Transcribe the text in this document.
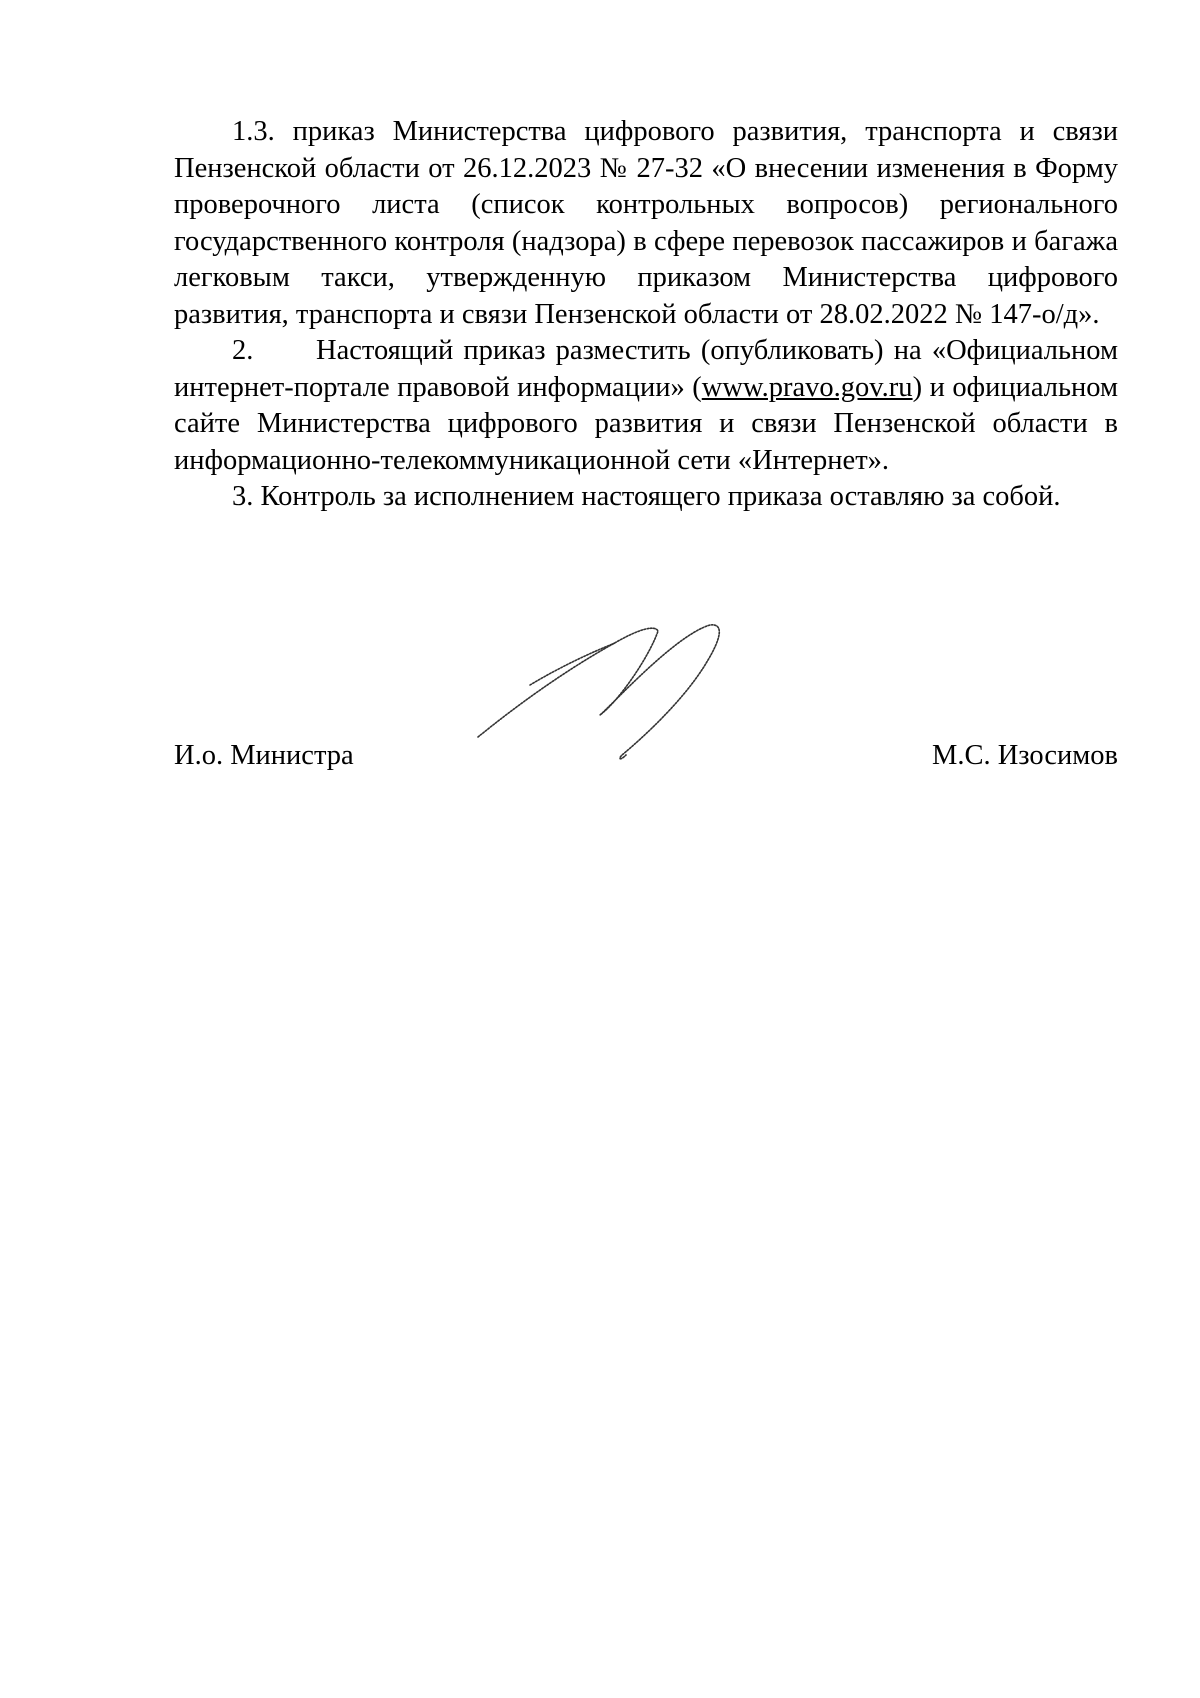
1.3. приказ Министерства цифрового развития, транспорта и связи Пензенской области от 26.12.2023 № 27-32 «О внесении изменения в Форму проверочного листа (список контрольных вопросов) регионального государственного контроля (надзора) в сфере перевозок пассажиров и багажа легковым такси, утвержденную приказом Министерства цифрового развития, транспорта и связи Пензенской области от 28.02.2022 № 147-о/д».

2. Настоящий приказ разместить (опубликовать) на «Официальном интернет-портале правовой информации» (www.pravo.gov.ru) и официальном сайте Министерства цифрового развития и связи Пензенской области в информационно-телекоммуникационной сети «Интернет».

3. Контроль за исполнением настоящего приказа оставляю за собой.

И.о. Министра	М.С. Изосимов
